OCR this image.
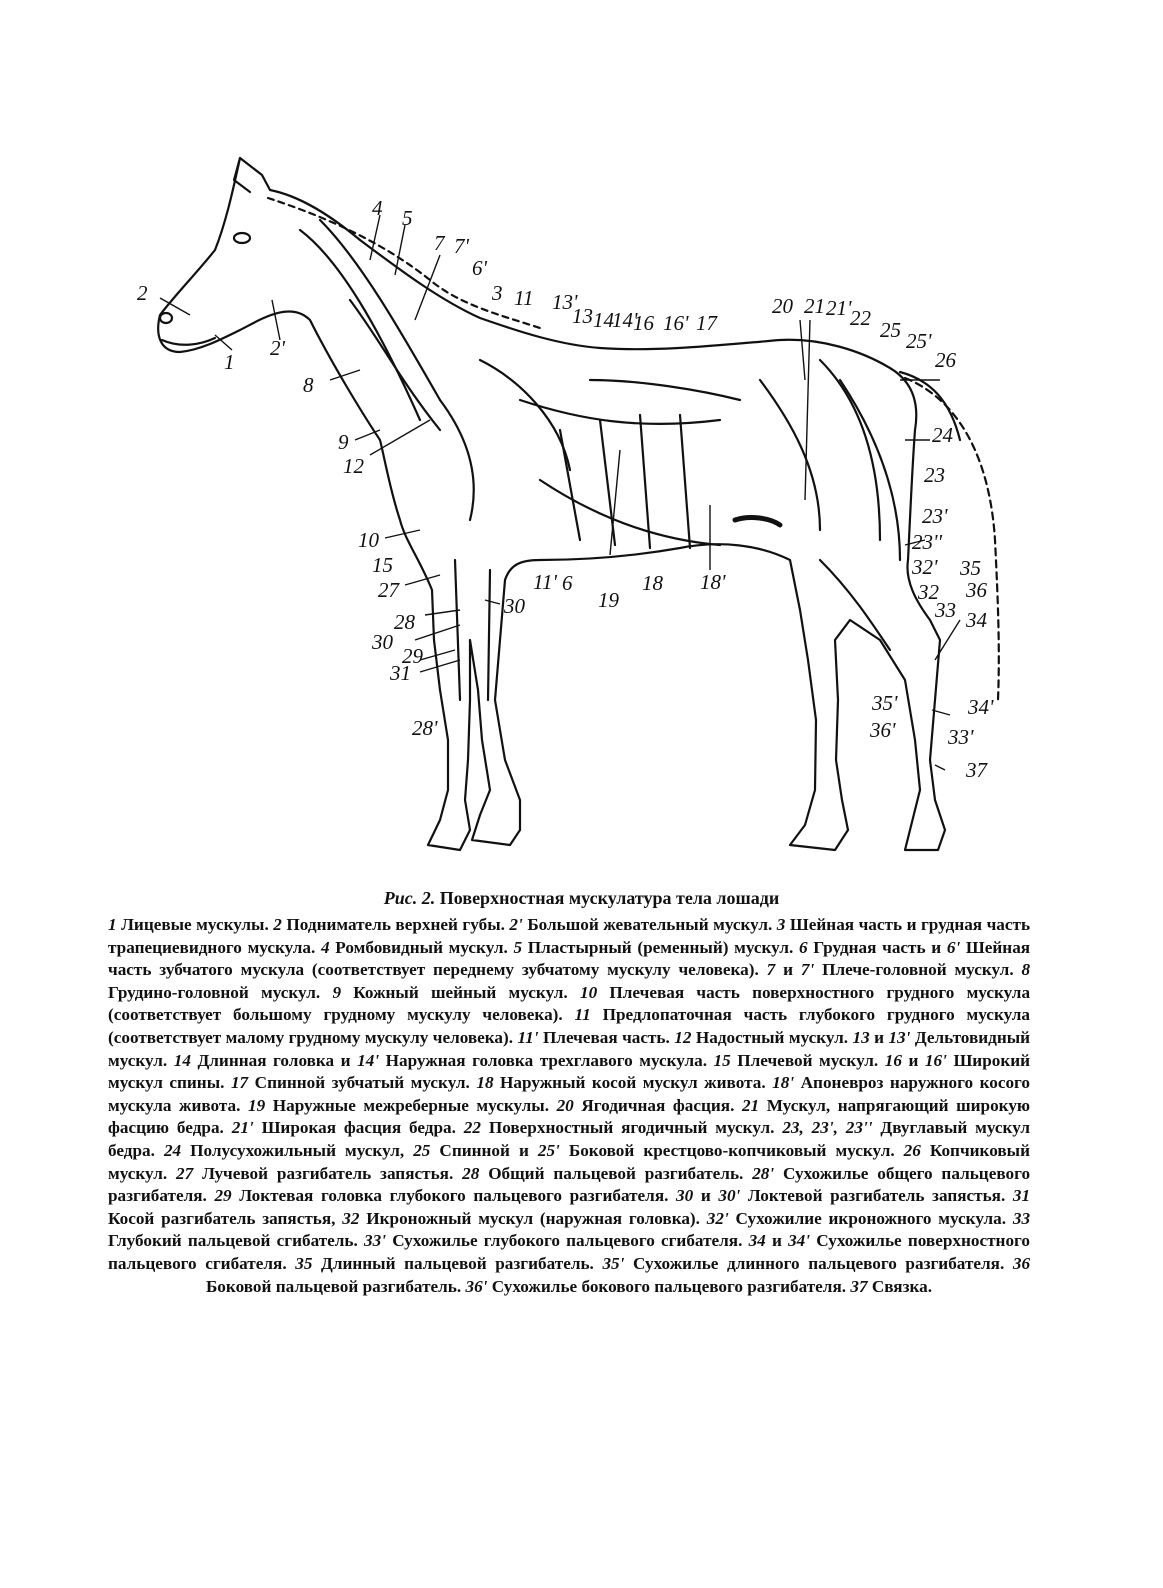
1
2
2'
3
4 5
6
6'
7 7'
8
9
10
11
11'
12
13
13'
14
14'
15
16 16' 17
18 18'
19
20 21 21'
22
23
23'
23''
24
25 25'
26
27
28
28'
29
30
30
31
32'
32
33
33'
34
34'
35
35'
36
36'
37
Рис. 2. Поверхностная мускулатура тела лошади
1 Лицевые мускулы. 2 Подниматель верхней губы. 2' Большой жевательный мускул. 3 Шейная часть и грудная часть трапециевидного мускула. 4 Ромбовидный мускул. 5 Пластырный (ременный) мускул. 6 Грудная часть и 6' Шейная часть зубчатого мускула (соответствует переднему зубчатому мускулу человека). 7 и 7' Плече-головной мускул. 8 Грудино-головной мускул. 9 Кожный шейный мускул. 10 Плечевая часть поверхностного грудного мускула (соответствует большому грудному мускулу человека). 11 Предлопаточная часть глубокого грудного мускула (соответствует малому грудному мускулу человека). 11' Плечевая часть. 12 Надостный мускул. 13 и 13' Дельтовидный мускул. 14 Длинная головка и 14' Наружная головка трехглавого мускула. 15 Плечевой мускул. 16 и 16' Широкий мускул спины. 17 Спинной зубчатый мускул. 18 Наружный косой мускул живота. 18' Апоневроз наружного косого мускула живота. 19 Наружные межреберные мускулы. 20 Ягодичная фасция. 21 Мускул, напрягающий широкую фасцию бедра. 21' Широкая фасция бедра. 22 Поверхностный ягодичный мускул. 23, 23', 23'' Двуглавый мускул бедра. 24 Полусухожильный мускул, 25 Спинной и 25' Боковой крестцово-копчиковый мускул. 26 Копчиковый мускул. 27 Лучевой разгибатель запястья. 28 Общий пальцевой разгибатель. 28' Сухожилье общего пальцевого разгибателя. 29 Локтевая головка глубокого пальцевого разгибателя. 30 и 30' Локтевой разгибатель запястья. 31 Косой разгибатель запястья, 32 Икроножный мускул (наружная головка). 32' Сухожилие икроножного мускула. 33 Глубокий пальцевой сгибатель. 33' Сухожилье глубокого пальцевого сгибателя. 34 и 34' Сухожилье поверхностного пальцевого сгибателя. 35 Длинный пальцевой разгибатель. 35' Сухожилье длинного пальцевого разгибателя. 36 Боковой пальцевой разгибатель. 36' Сухожилье бокового пальцевого разгибателя. 37 Связка.
